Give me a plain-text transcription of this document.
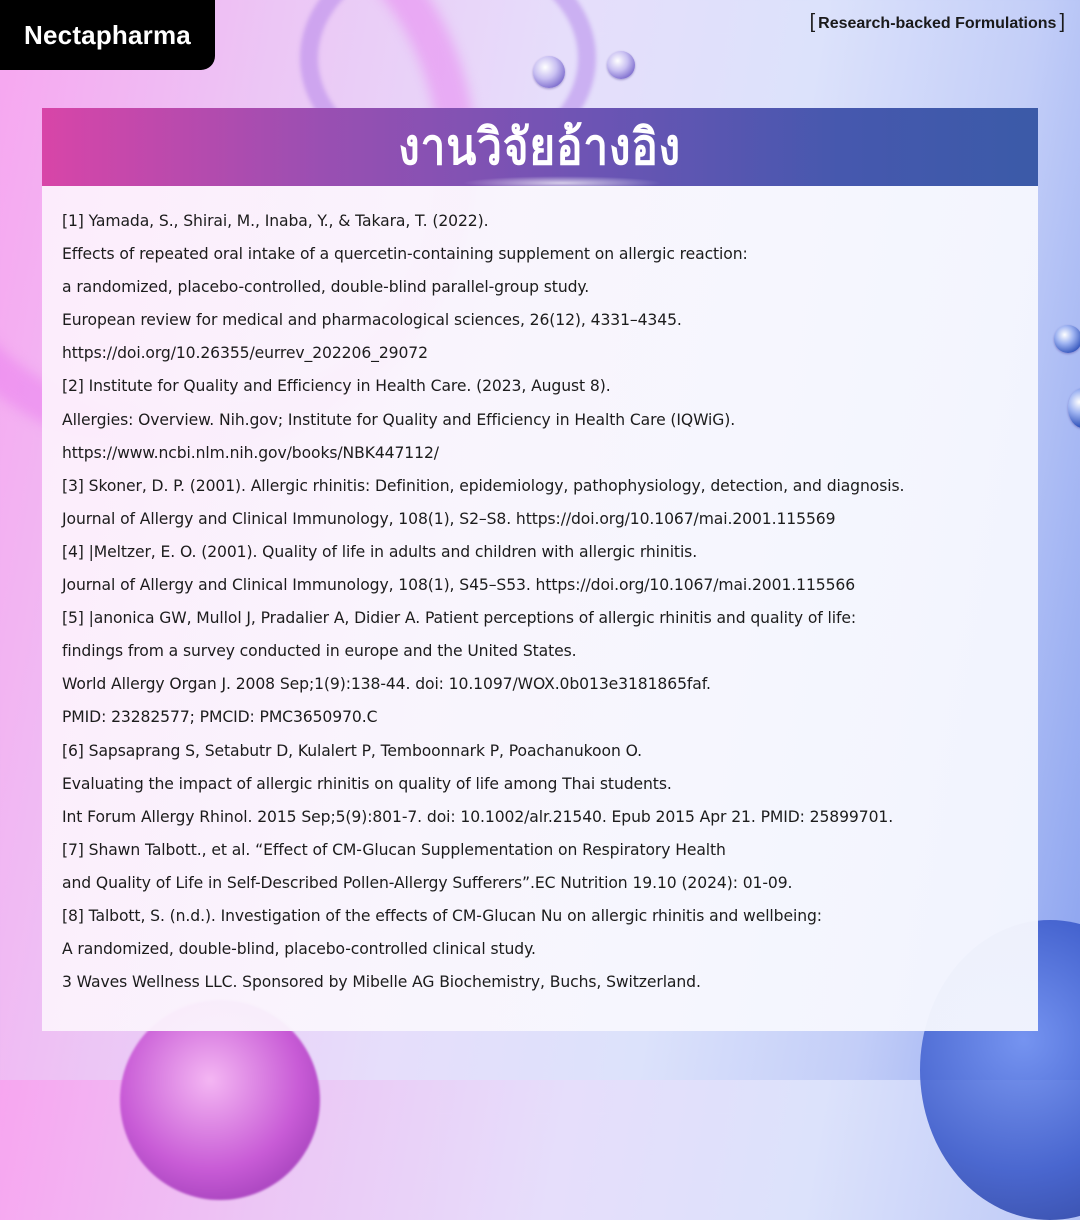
Nectapharma	[ Research-backed Formulations ]
งานวิจัยอ้างอิง
[1] Yamada, S., Shirai, M., Inaba, Y., & Takara, T. (2022).
Effects of repeated oral intake of a quercetin-containing supplement on allergic reaction:
a randomized, placebo-controlled, double-blind parallel-group study.
European review for medical and pharmacological sciences, 26(12), 4331–4345.
https://doi.org/10.26355/eurrev_202206_29072
[2] Institute for Quality and Efficiency in Health Care. (2023, August 8).
Allergies: Overview. Nih.gov; Institute for Quality and Efficiency in Health Care (IQWiG).
https://www.ncbi.nlm.nih.gov/books/NBK447112/
[3] Skoner, D. P. (2001). Allergic rhinitis: Definition, epidemiology, pathophysiology, detection, and diagnosis.
Journal of Allergy and Clinical Immunology, 108(1), S2–S8. https://doi.org/10.1067/mai.2001.115569
[4] |Meltzer, E. O. (2001). Quality of life in adults and children with allergic rhinitis.
Journal of Allergy and Clinical Immunology, 108(1), S45–S53. https://doi.org/10.1067/mai.2001.115566
[5] |anonica GW, Mullol J, Pradalier A, Didier A. Patient perceptions of allergic rhinitis and quality of life:
findings from a survey conducted in europe and the United States.
World Allergy Organ J. 2008 Sep;1(9):138-44. doi: 10.1097/WOX.0b013e3181865faf.
PMID: 23282577; PMCID: PMC3650970.C
[6] Sapsaprang S, Setabutr D, Kulalert P, Temboonnark P, Poachanukoon O.
Evaluating the impact of allergic rhinitis on quality of life among Thai students.
Int Forum Allergy Rhinol. 2015 Sep;5(9):801-7. doi: 10.1002/alr.21540. Epub 2015 Apr 21. PMID: 25899701.
[7] Shawn Talbott., et al. “Effect of CM-Glucan Supplementation on Respiratory Health
and Quality of Life in Self-Described Pollen-Allergy Sufferers”.EC Nutrition 19.10 (2024): 01-09.
[8] Talbott, S. (n.d.). Investigation of the effects of CM-Glucan Nu on allergic rhinitis and wellbeing:
A randomized, double-blind, placebo-controlled clinical study.
3 Waves Wellness LLC. Sponsored by Mibelle AG Biochemistry, Buchs, Switzerland.
